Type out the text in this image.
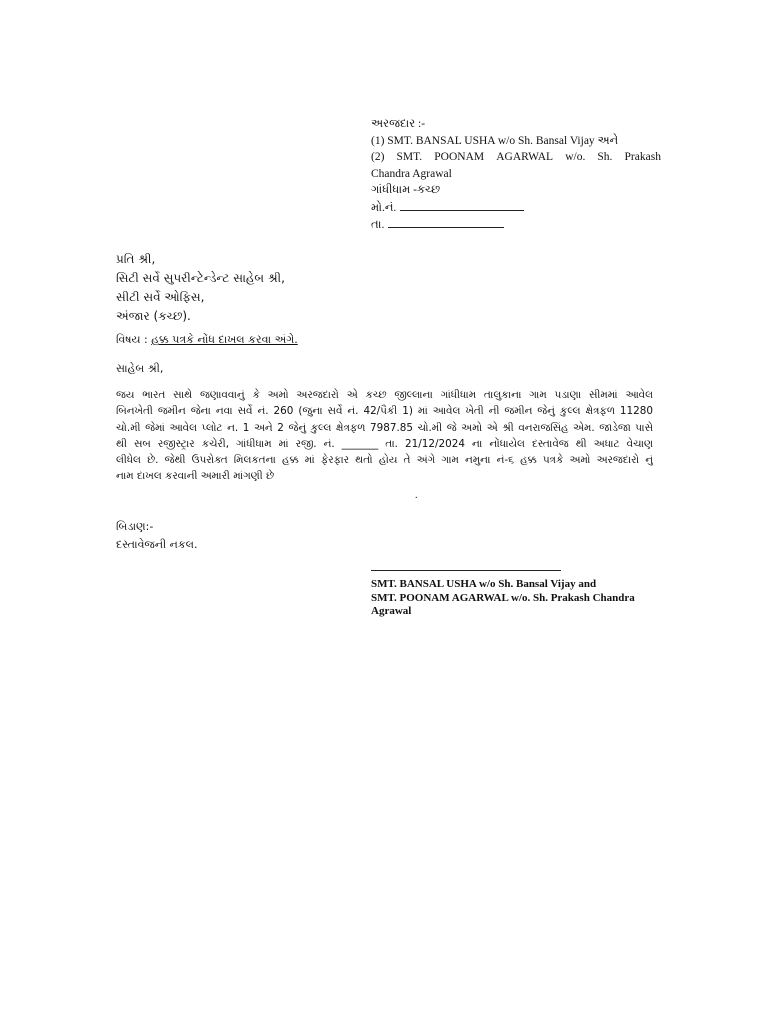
અરજદાર :-
(1) SMT. BANSAL USHA w/o Sh. Bansal Vijay અને
(2) SMT. POONAM AGARWAL w/o. Sh. Prakash
Chandra Agrawal
ગાંધીધામ -કચ્છ
મો.નં.
તા.
પ્રતિ શ્રી,
સિટી સર્વે સુપરીન્ટેન્ડેન્ટ સાહેબ શ્રી,
સીટી સર્વે ઓફિસ,
અંજાર (કચ્છ).
વિષય : હક્ક પત્રકે નોંધ દાખલ કરવા અંગે.
સાહેબ શ્રી,
જય ભારત સાથે જણાવવાનું કે અમો અરજદારો એ કચ્છ જીલ્લાના ગાંધીધામ તાલુકાના ગામ પડાણા સીમમાં આવેલ
બિનખેતી જમીન જેના નવા સર્વે નં. 260 (જુના સર્વે નં. 42/પૈકી 1) માં આવેલ ખેતી ની જમીન જેનું કુલ્લ ક્ષેત્રફળ 11280
ચો.મી જેમાં આવેલ પ્લોટ ન. 1 અને 2 જેનું કુલ્લ ક્ષેત્રફળ 7987.85 ચો.મી જે અમો એ શ્રી વનરાજસિંહ એમ. જાડેજા પાસે
થી સબ રજીસ્ટ્રાર કચેરી, ગાંધીધામ માં રજી. નં. _______ તા. 21/12/2024 ના નોંધાયેલ દસ્તાવેજ થી અધાટ વેચાણ
લીધેલ છે. જેથી ઉપરોક્ત મિલકતના હક્ક માં ફેરફાર થતો હોય તે અંગે ગામ નમુના નં-૬ હક્ક પત્રકે અમો અરજદારો નું
નામ દાખલ કરવાની અમારી માંગણી છે
.
બિડાણ:-
દસ્તાવેજની નકલ.
SMT. BANSAL USHA w/o Sh. Bansal Vijay and
SMT. POONAM AGARWAL w/o. Sh. Prakash Chandra
Agrawal
